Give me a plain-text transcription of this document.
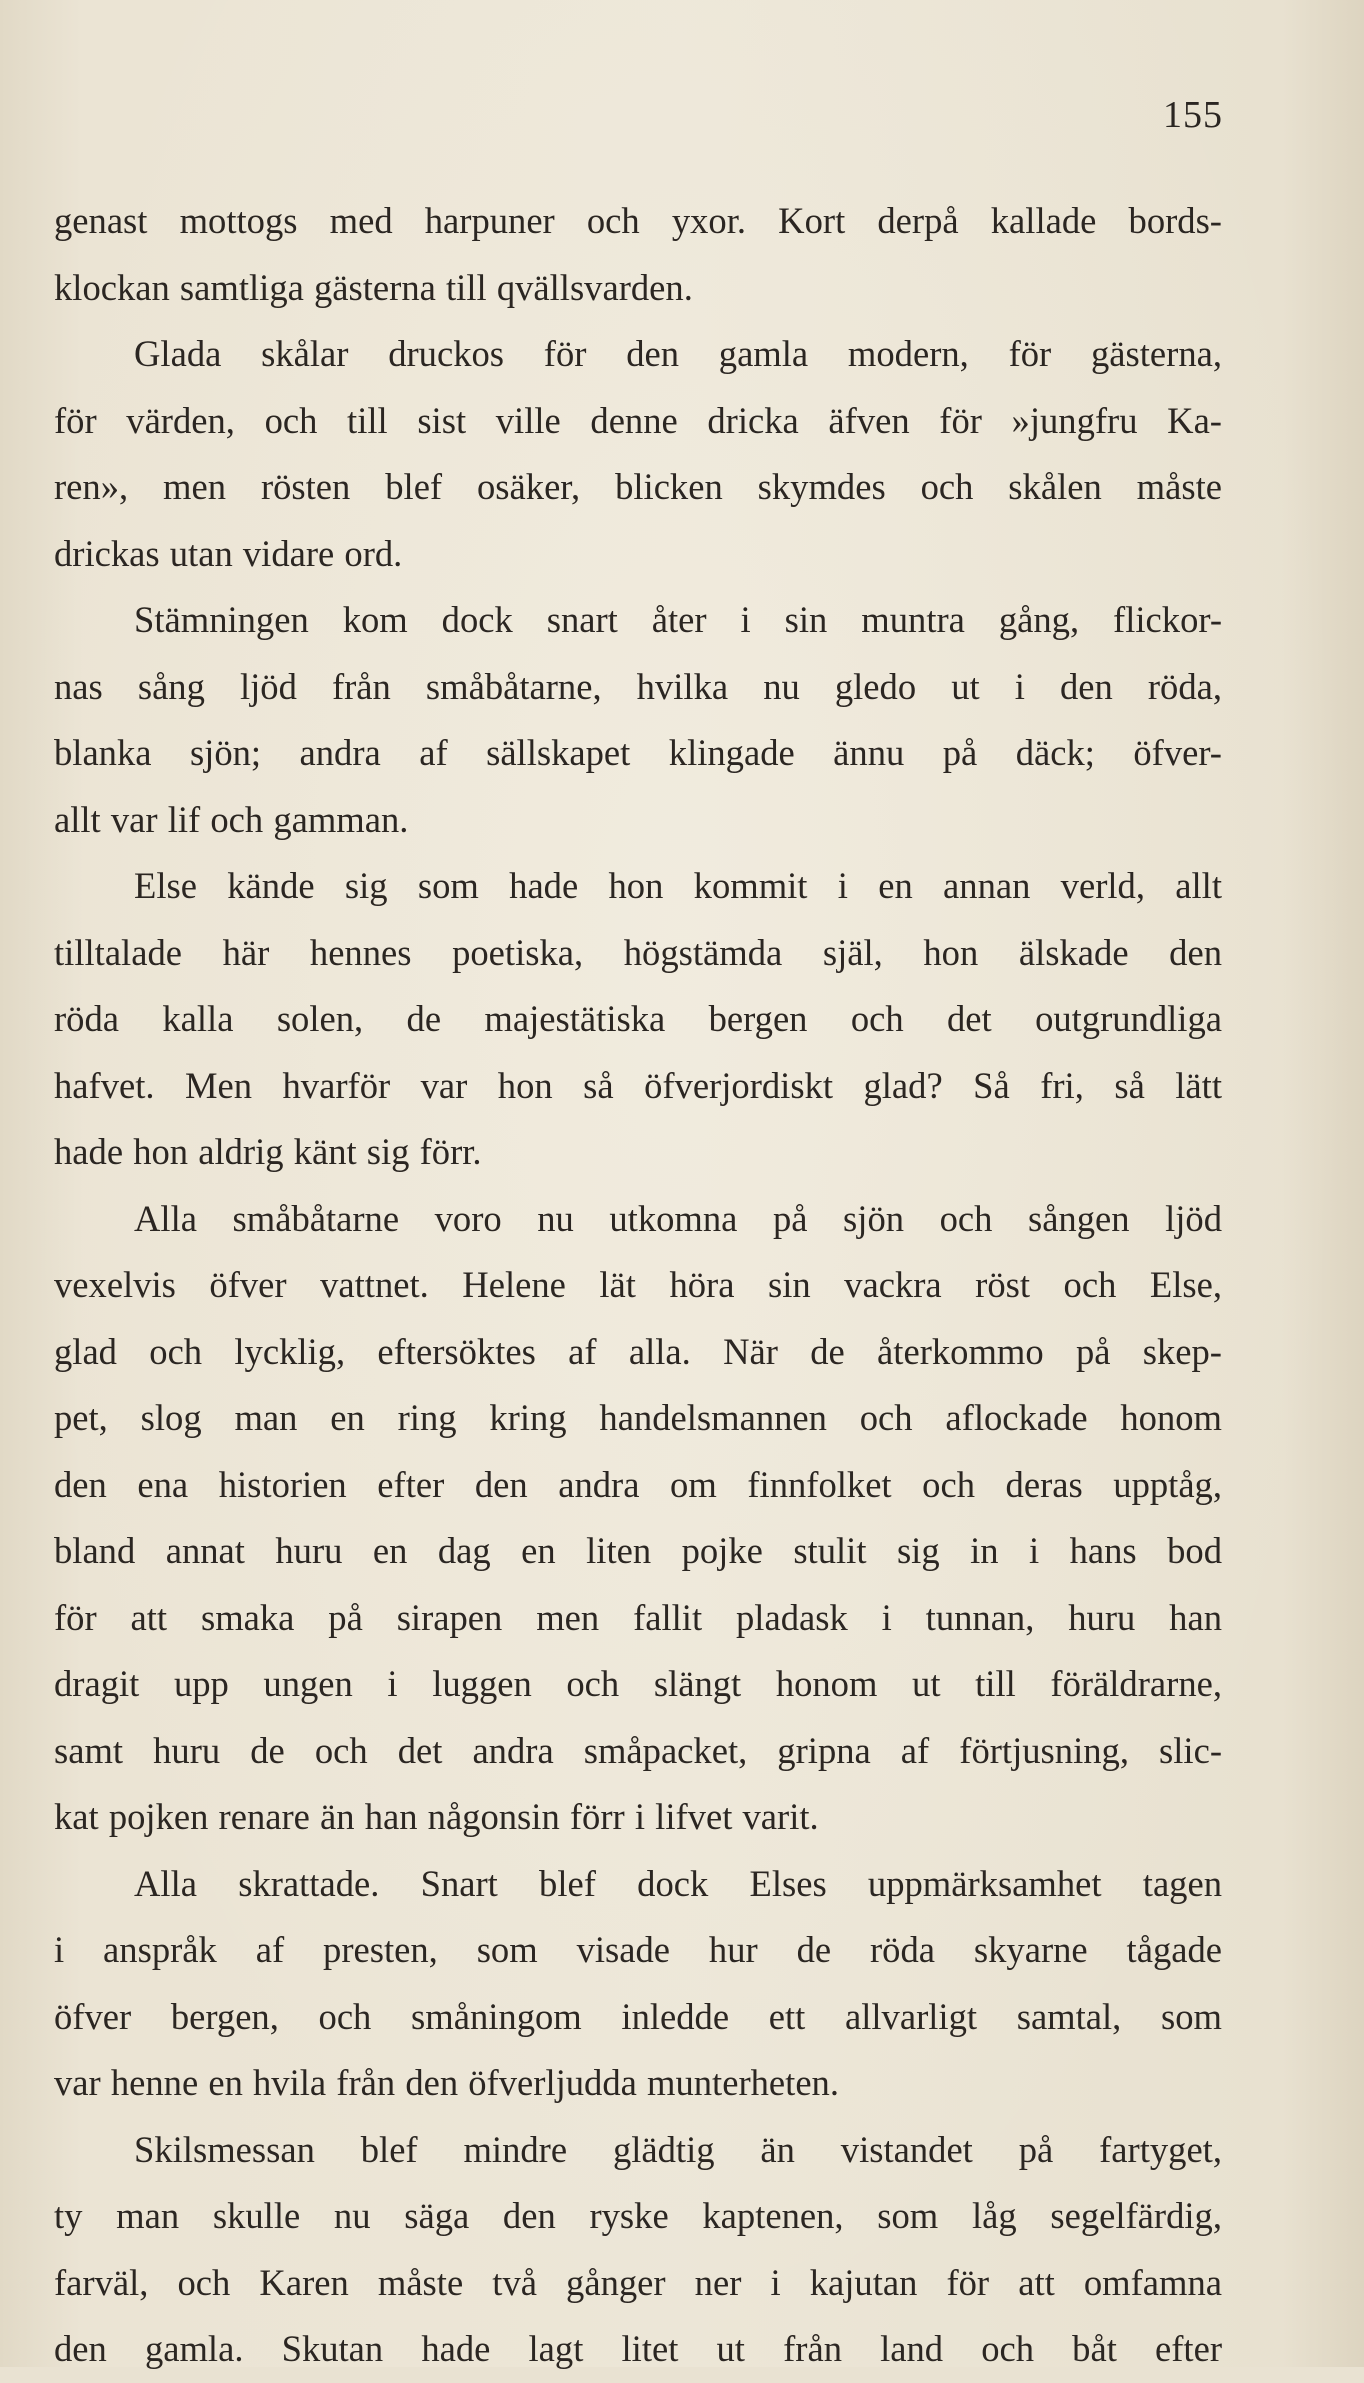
155
genast mottogs med harpuner och yxor. Kort derpå kallade bords-
klockan samtliga gästerna till qvällsvarden.
Glada skålar druckos för den gamla modern, för gästerna,
för värden, och till sist ville denne dricka äfven för »jungfru Ka-
ren», men rösten blef osäker, blicken skymdes och skålen måste
drickas utan vidare ord.
Stämningen kom dock snart åter i sin muntra gång, flickor-
nas sång ljöd från småbåtarne, hvilka nu gledo ut i den röda,
blanka sjön; andra af sällskapet klingade ännu på däck; öfver-
allt var lif och gamman.
Else kände sig som hade hon kommit i en annan verld, allt
tilltalade här hennes poetiska, högstämda själ, hon älskade den
röda kalla solen, de majestätiska bergen och det outgrundliga
hafvet. Men hvarför var hon så öfverjordiskt glad? Så fri, så lätt
hade hon aldrig känt sig förr.
Alla småbåtarne voro nu utkomna på sjön och sången ljöd
vexelvis öfver vattnet. Helene lät höra sin vackra röst och Else,
glad och lycklig, eftersöktes af alla. När de återkommo på skep-
pet, slog man en ring kring handelsmannen och aflockade honom
den ena historien efter den andra om finnfolket och deras upptåg,
bland annat huru en dag en liten pojke stulit sig in i hans bod
för att smaka på sirapen men fallit pladask i tunnan, huru han
dragit upp ungen i luggen och slängt honom ut till föräldrarne,
samt huru de och det andra småpacket, gripna af förtjusning, slic-
kat pojken renare än han någonsin förr i lifvet varit.
Alla skrattade. Snart blef dock Elses uppmärksamhet tagen
i anspråk af presten, som visade hur de röda skyarne tågade
öfver bergen, och småningom inledde ett allvarligt samtal, som
var henne en hvila från den öfverljudda munterheten.
Skilsmessan blef mindre glädtig än vistandet på fartyget,
ty man skulle nu säga den ryske kaptenen, som låg segelfärdig,
farväl, och Karen måste två gånger ner i kajutan för att omfamna
den gamla. Skutan hade lagt litet ut från land och båt efter
